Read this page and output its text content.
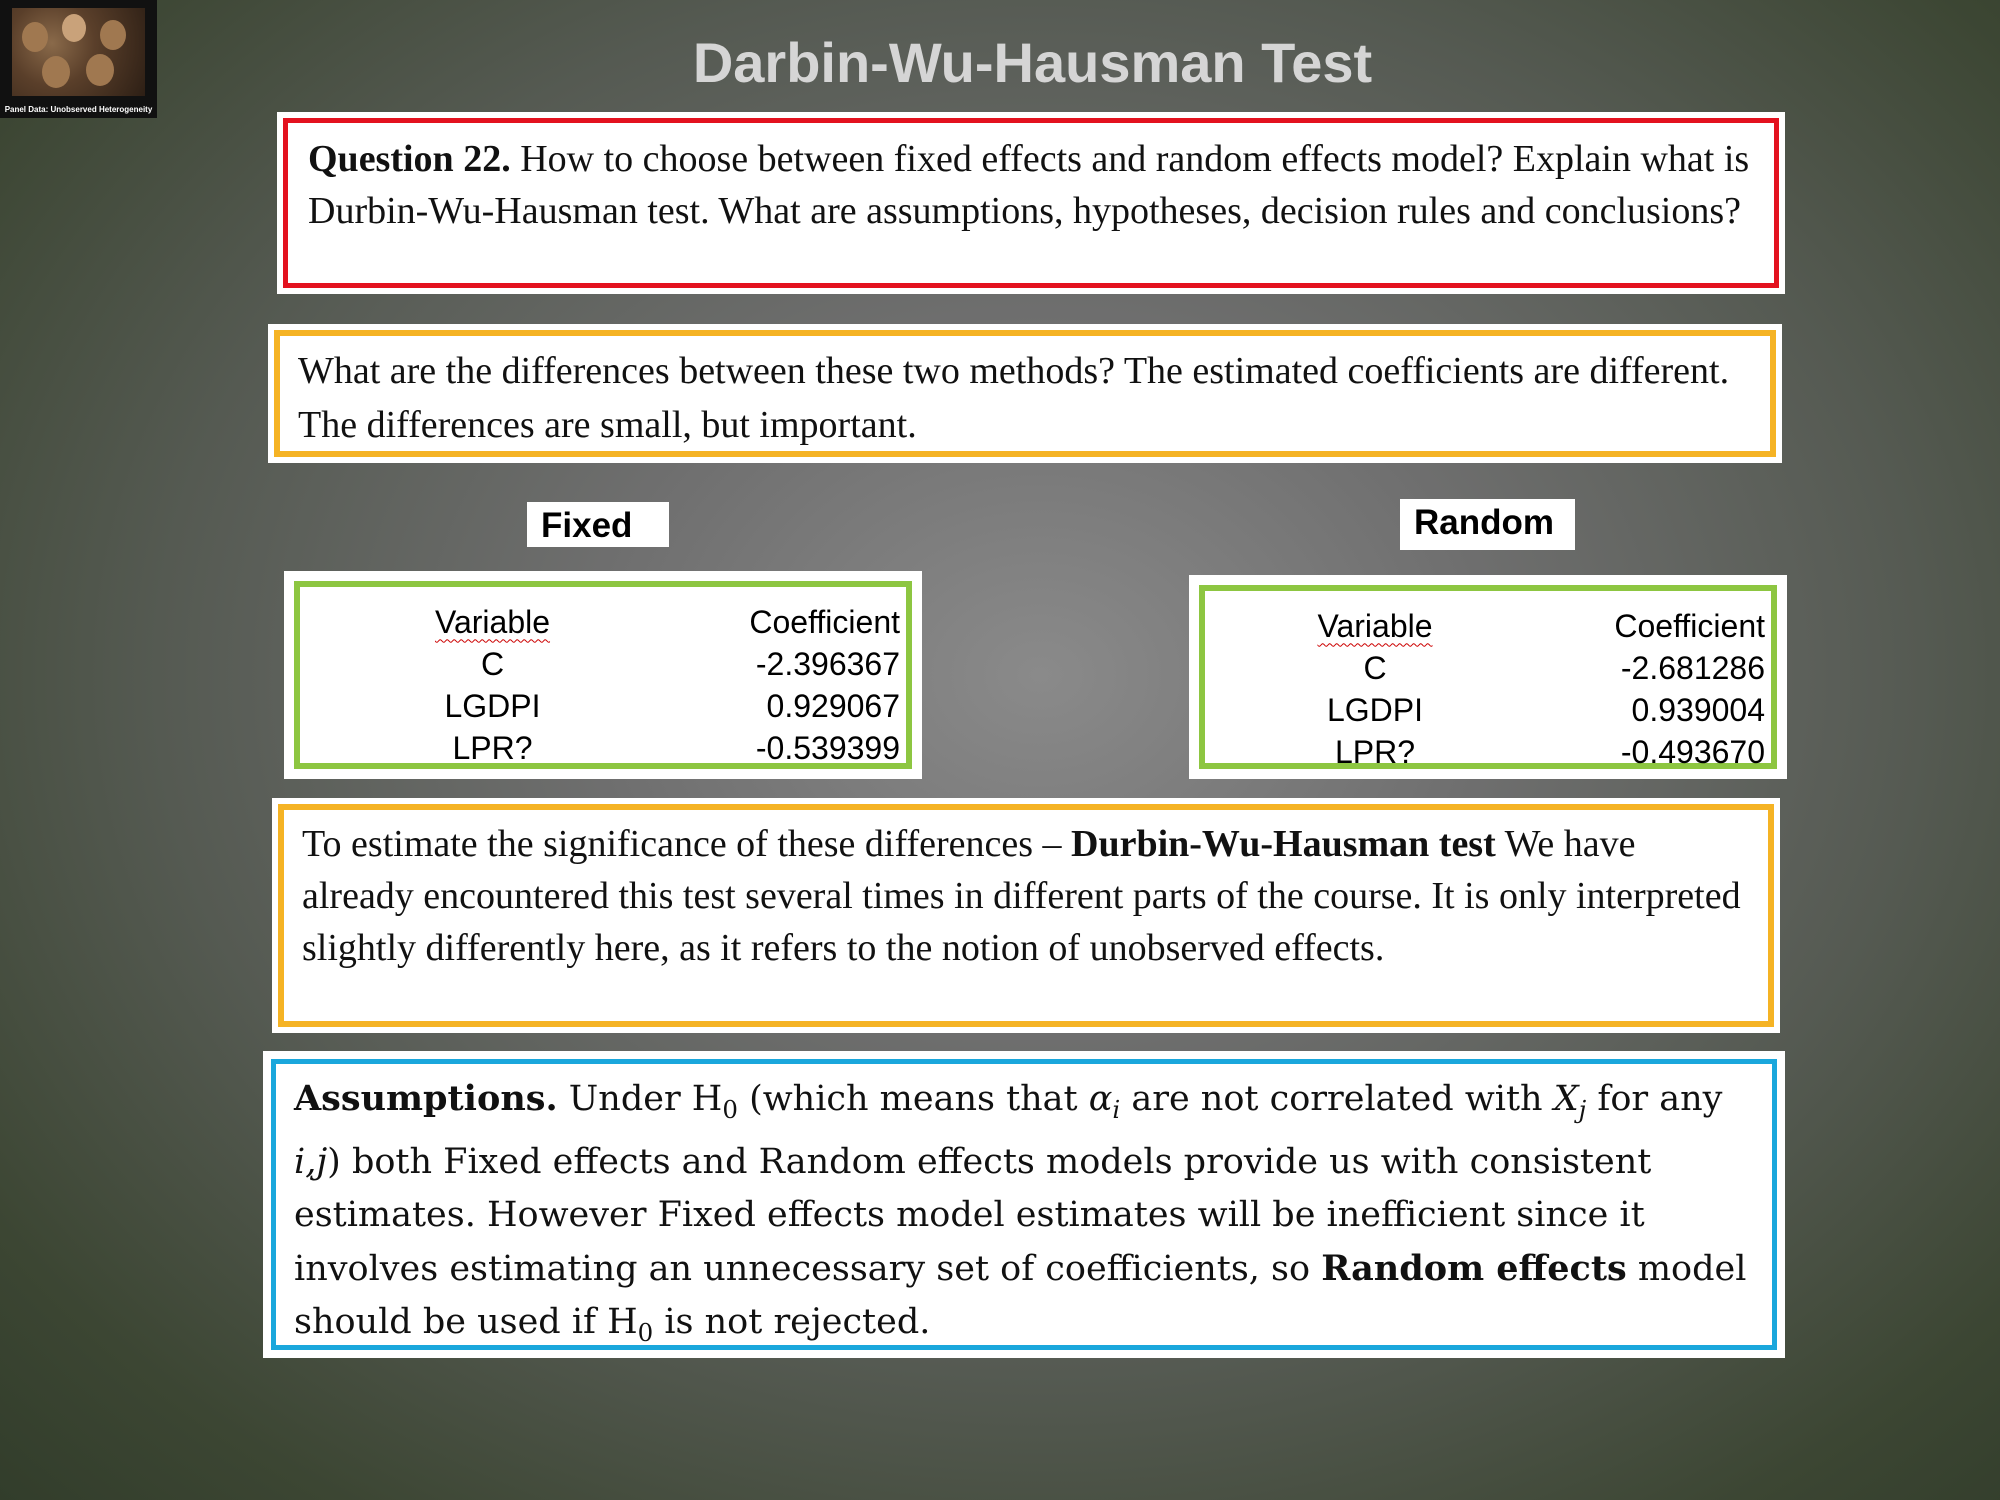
Panel Data: Unobserved Heterogeneity
Darbin-Wu-Hausman Test
Question 22. How to choose between fixed effects and random effects model? Explain what is Durbin-Wu-Hausman test. What are assumptions, hypotheses, decision rules and conclusions?
What are the differences between these two methods? The estimated coefficients are different. The differences are small, but important.
Fixed	Random
Variable	Coefficient
C	-2.396367
LGDPI	0.929067
LPR?	-0.539399
Variable	Coefficient
C	-2.681286
LGDPI	0.939004
LPR?	-0.493670
To estimate the significance of these differences – Durbin-Wu-Hausman test We have already encountered this test several times in different parts of the course. It is only interpreted slightly differently here, as it refers to the notion of unobserved effects.
Assumptions. Under $H_0$ (which means that $\alpha_i$ are not correlated with $X_j$ for any i,j) both Fixed effects and Random effects models provide us with consistent estimates. However Fixed effects model estimates will be inefficient since it involves estimating an unnecessary set of coefficients, so Random effects model should be used if $H_0$ is not rejected.
